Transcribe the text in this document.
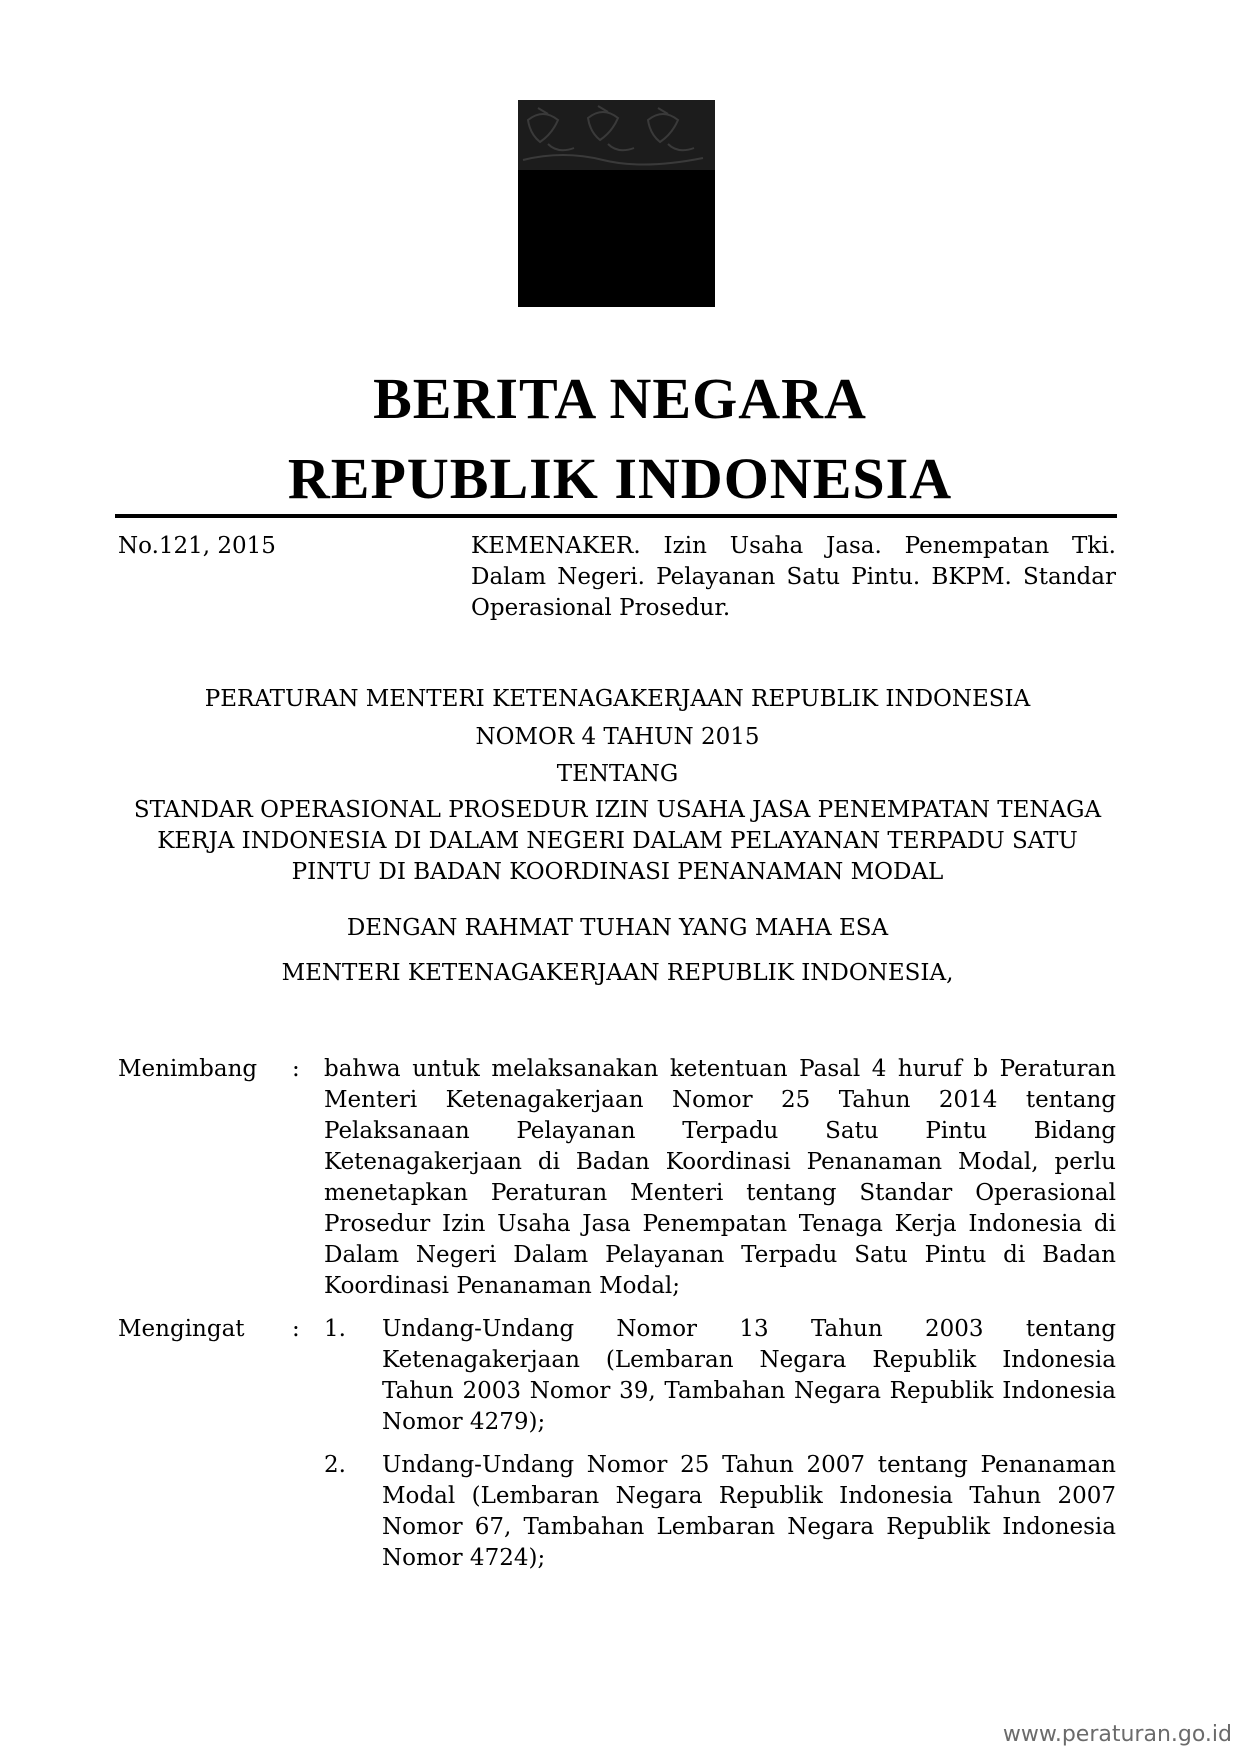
BERITA NEGARA
REPUBLIK INDONESIA
No.121, 2015	KEMENAKER. Izin Usaha Jasa. Penempatan Tki. Dalam Negeri. Pelayanan Satu Pintu. BKPM. Standar Operasional Prosedur.
PERATURAN MENTERI KETENAGAKERJAAN REPUBLIK INDONESIA
NOMOR 4 TAHUN 2015
TENTANG
STANDAR OPERASIONAL PROSEDUR IZIN USAHA JASA PENEMPATAN TENAGA KERJA INDONESIA DI DALAM NEGERI DALAM PELAYANAN TERPADU SATU PINTU DI BADAN KOORDINASI PENANAMAN MODAL
DENGAN RAHMAT TUHAN YANG MAHA ESA
MENTERI KETENAGAKERJAAN REPUBLIK INDONESIA,
Menimbang : bahwa untuk melaksanakan ketentuan Pasal 4 huruf b Peraturan Menteri Ketenagakerjaan Nomor 25 Tahun 2014 tentang Pelaksanaan Pelayanan Terpadu Satu Pintu Bidang Ketenagakerjaan di Badan Koordinasi Penanaman Modal, perlu menetapkan Peraturan Menteri tentang Standar Operasional Prosedur Izin Usaha Jasa Penempatan Tenaga Kerja Indonesia di Dalam Negeri Dalam Pelayanan Terpadu Satu Pintu di Badan Koordinasi Penanaman Modal;
Mengingat : 1.	Undang-Undang Nomor 13 Tahun 2003 tentang Ketenagakerjaan (Lembaran Negara Republik Indonesia Tahun 2003 Nomor 39, Tambahan Negara Republik Indonesia Nomor 4279);
2.	Undang-Undang Nomor 25 Tahun 2007 tentang Penanaman Modal (Lembaran Negara Republik Indonesia Tahun 2007 Nomor 67, Tambahan Lembaran Negara Republik Indonesia Nomor 4724);
www.peraturan.go.id
